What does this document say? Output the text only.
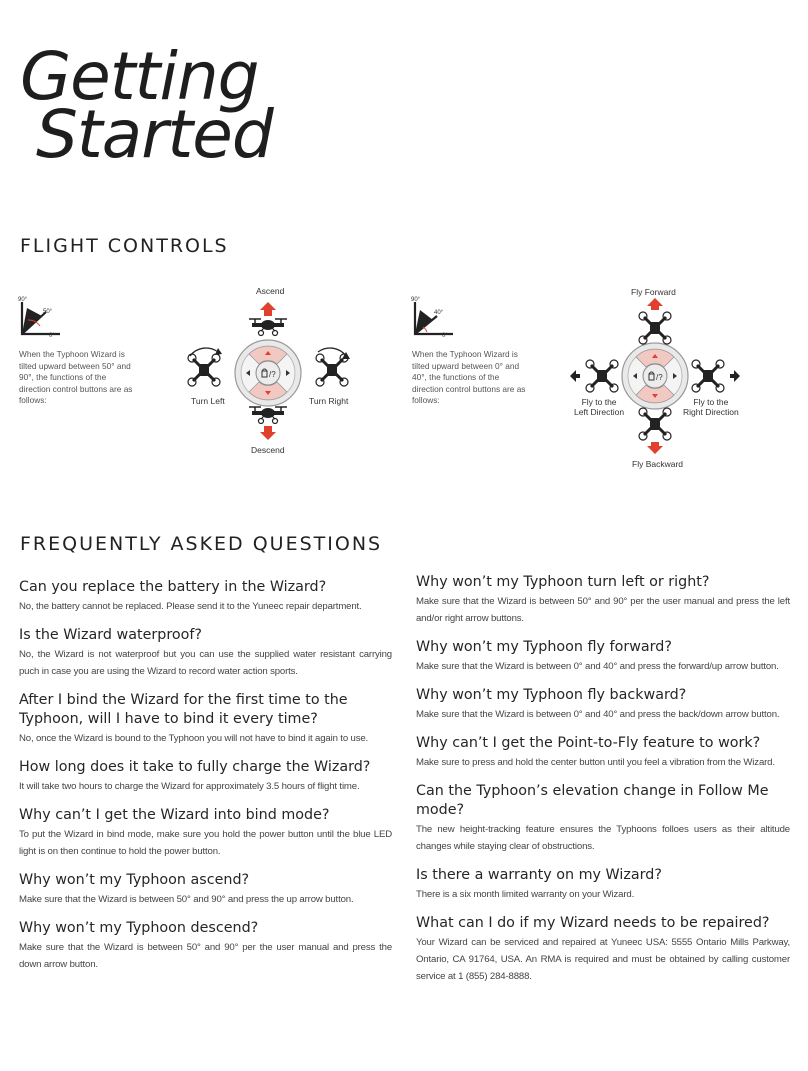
Getting
Started
FLIGHT CONTROLS
90°
50°
0°
When the Typhoon Wizard is tilted upward between 50° and 90°, the functions of the direction control buttons are as follows:
90°
40°
0°
When the Typhoon Wizard is tilted upward between 0° and 40°, the functions of the direction control buttons are as follows:
/?
Ascend
Descend
Turn Left	Turn Right
Fly Forward
Fly Backward
Fly to the
Left Direction
Fly to the
Right Direction
FREQUENTLY ASKED QUESTIONS
Can you replace the battery in the Wizard?
No, the battery cannot be replaced. Please send it to the Yuneec repair department.
Is the Wizard waterproof?
No, the Wizard is not waterproof but you can use the supplied water resistant carrying puch in case you are using the Wizard to record water action sports.
After I bind the Wizard for the first time to the Typhoon, will I have to bind it every time?
No, once the Wizard is bound to the Typhoon you will not have to bind it again to use.
How long does it take to fully charge the Wizard?
It will take two hours to charge the Wizard for approximately 3.5 hours of flight time.
Why can’t I get the Wizard into bind mode?
To put the Wizard in bind mode, make sure you hold the power button until the blue LED light is on then continue to hold the power button.
Why won’t my Typhoon ascend?
Make sure that the Wizard is between 50° and 90° and press the up arrow button.
Why won’t my Typhoon descend?
Make sure that the Wizard is between 50° and 90° per the user manual and press the down arrow button.
Why won’t my Typhoon turn left or right?
Make sure that the Wizard is between 50° and 90° per the user manual and press the left and/or right arrow buttons.
Why won’t my Typhoon fly forward?
Make sure that the Wizard is between 0° and 40° and press the forward/up arrow button.
Why won’t my Typhoon fly backward?
Make sure that the Wizard is between 0° and 40° and press the back/down arrow button.
Why can’t I get the Point-to-Fly feature to work?
Make sure to press and hold the center button until you feel a vibration from the Wizard.
Can the Typhoon’s elevation change in Follow Me mode?
The new height-tracking feature ensures the Typhoons folloes users as their altitude changes while staying clear of obstructions.
Is there a warranty on my Wizard?
There is a six month limited warranty on your Wizard.
What can I do if my Wizard needs to be repaired?
Your Wizard can be serviced and repaired at Yuneec USA: 5555 Ontario Mills Parkway, Ontario, CA 91764, USA. An RMA is required and must be obtained by calling customer service at 1 (855) 284-8888.
